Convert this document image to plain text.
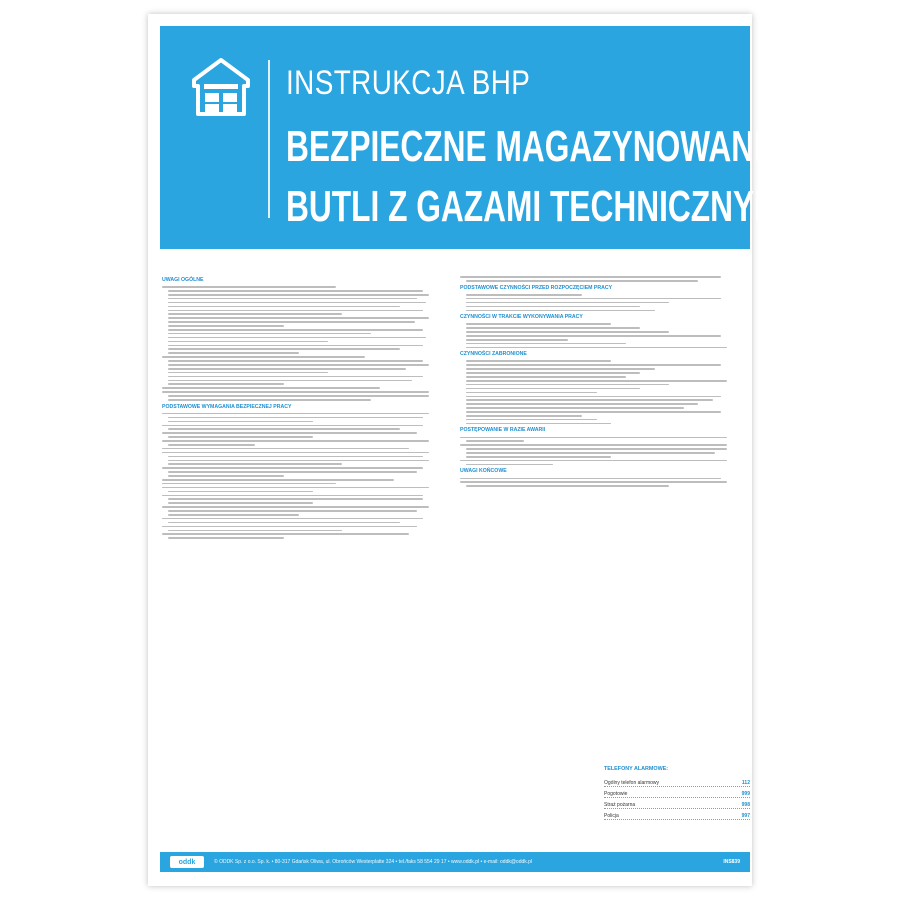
INSTRUKCJA BHP
BEZPIECZNE MAGAZYNOWANIE
BUTLI Z GAZAMI TECHNICZNYMI
UWAGI OGÓLNE
PODSTAWOWE WYMAGANIA BEZPIECZNEJ PRACY
PODSTAWOWE CZYNNOŚCI PRZED ROZPOCZĘCIEM PRACY
CZYNNOŚCI W TRAKCIE WYKONYWANIA PRACY
CZYNNOŚCI ZABRONIONE
POSTĘPOWANIE W RAZIE AWARII
UWAGI KOŃCOWE
TELEFONY ALARMOWE:
Ogólny telefon alarmowy	112
Pogotowie	999
Straż pożarna	998
Policja	997
oddk	© ODDK Sp. z o.o. Sp. k. • 80-317 Gdańsk Oliwa, ul. Obrońców Westerplatte 324 • tel./faks 58 554 29 17 • www.oddk.pl • e-mail: oddk@oddk.pl	INS839
